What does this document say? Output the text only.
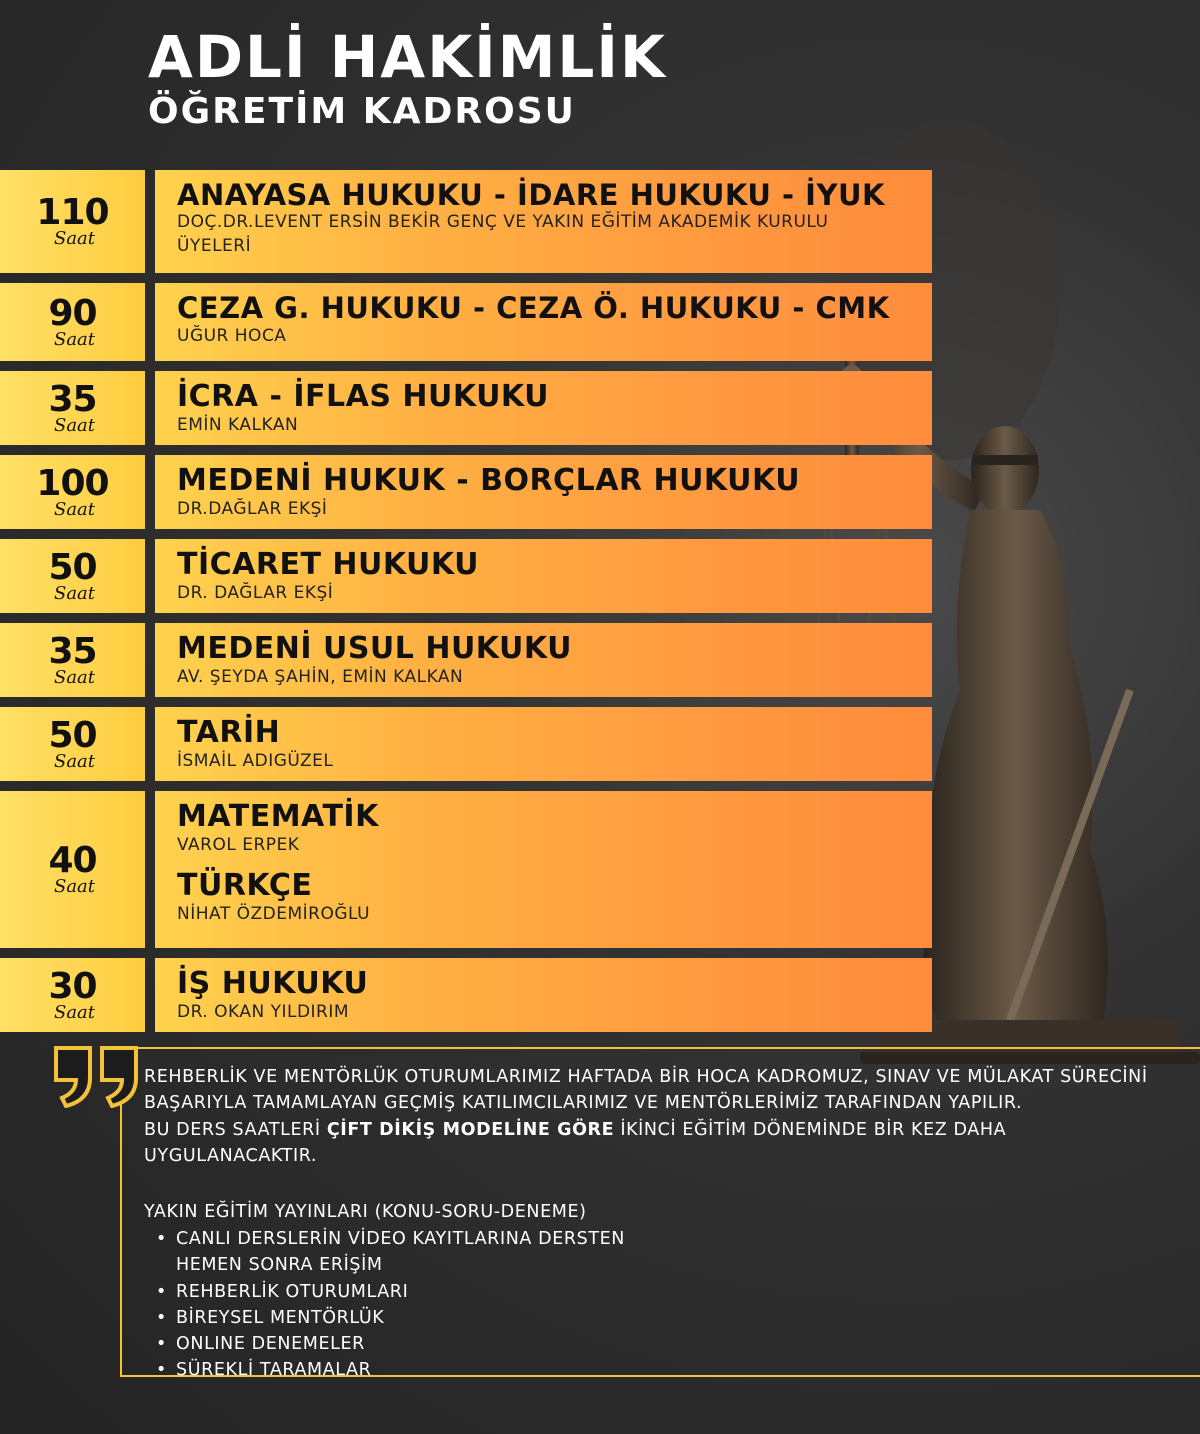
ADLİ HAKİMLİK
ÖĞRETİM KADROSU
110
Saat
ANAYASA HUKUKU - İDARE HUKUKU - İYUK
DOÇ.DR.LEVENT ERSİN BEKİR GENÇ VE YAKIN EĞİTİM AKADEMİK KURULU ÜYELERİ
90
Saat
CEZA G. HUKUKU - CEZA Ö. HUKUKU - CMK
UĞUR HOCA
35
Saat
İCRA - İFLAS HUKUKU
EMİN KALKAN
100
Saat
MEDENİ HUKUK - BORÇLAR HUKUKU
DR.DAĞLAR EKŞİ
50
Saat
TİCARET HUKUKU
DR. DAĞLAR EKŞİ
35
Saat
MEDENİ USUL HUKUKU
AV. ŞEYDA ŞAHİN, EMİN KALKAN
50
Saat
TARİH
İSMAİL ADIGÜZEL
40
Saat
MATEMATİK
VAROL ERPEK
TÜRKÇE
NİHAT ÖZDEMİROĞLU
30
Saat
İŞ HUKUKU
DR. OKAN YILDIRIM
REHBERLİK VE MENTÖRLÜK OTURUMLARIMIZ HAFTADA BİR HOCA KADROMUZ, SINAV VE MÜLAKAT SÜRECİNİ BAŞARIYLA TAMAMLAYAN GEÇMİŞ KATILIMCILARIMIZ VE MENTÖRLERİMİZ TARAFINDAN YAPILIR.
BU DERS SAATLERİ ÇİFT DİKİŞ MODELİNE GÖRE İKİNCİ EĞİTİM DÖNEMİNDE BİR KEZ DAHA UYGULANACAKTIR.
YAKIN EĞİTİM YAYINLARI (KONU-SORU-DENEME)
• CANLI DERSLERİN VİDEO KAYITLARINA DERSTEN HEMEN SONRA ERİŞİM
• REHBERLİK OTURUMLARI
• BİREYSEL MENTÖRLÜK
• ONLINE DENEMELER
• SÜREKLİ TARAMALAR
